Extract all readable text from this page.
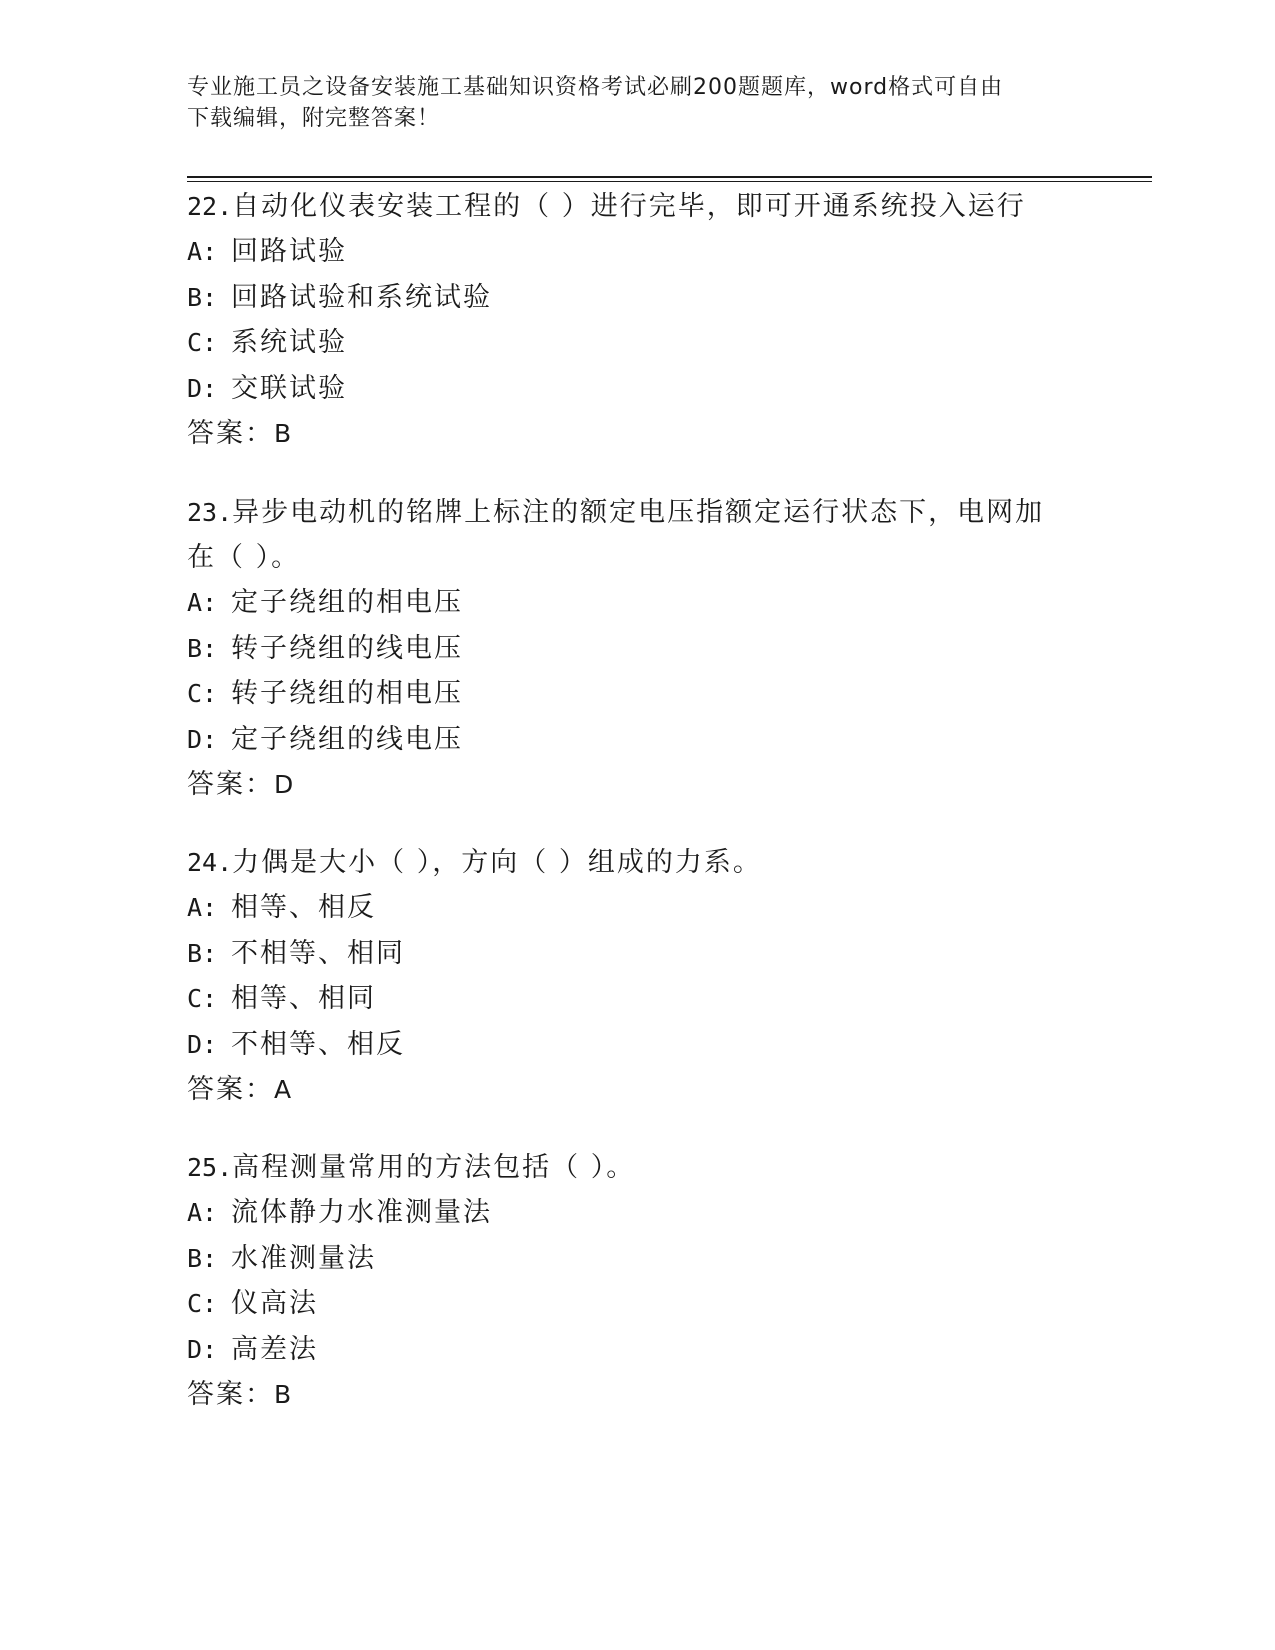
专业施工员之设备安装施工基础知识资格考试必刷200题题库，word格式可自由
下载编辑，附完整答案！

22.自动化仪表安装工程的（ ）进行完毕，即可开通系统投入运行

A: 回路试验

B: 回路试验和系统试验

C: 系统试验

D: 交联试验

答案：B

23.异步电动机的铭牌上标注的额定电压指额定运行状态下，电网加在（ ）。

A: 定子绕组的相电压

B: 转子绕组的线电压

C: 转子绕组的相电压

D: 定子绕组的线电压

答案：D

24.力偶是大小（ ），方向（ ）组成的力系。

A: 相等、相反

B: 不相等、相同

C: 相等、相同

D: 不相等、相反

答案：A

25.高程测量常用的方法包括（ ）。

A: 流体静力水准测量法

B: 水准测量法

C: 仪高法

D: 高差法

答案：B
